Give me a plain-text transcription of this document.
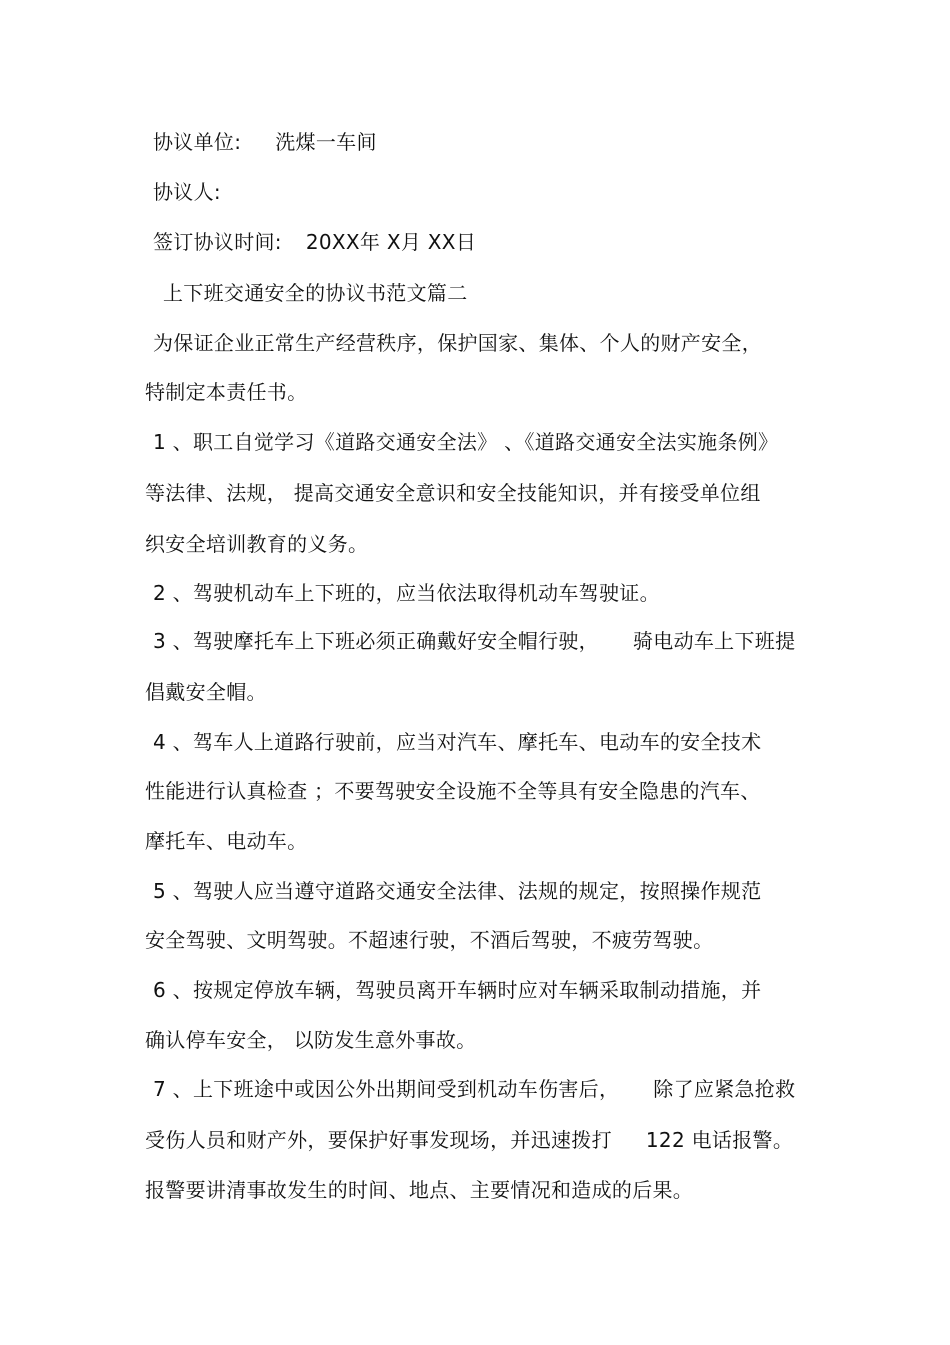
协议单位: 洗煤一车间
协议人:
签订协议时间: 20XX年 X月 XX日
上下班交通安全的协议书范文篇二
为保证企业正常生产经营秩序，保护国家、集体、个人的财产安全，
特制定本责任书。
1 、职工自觉学习《道路交通安全法》 、《道路交通安全法实施条例》
等法律、法规， 提高交通安全意识和安全技能知识，并有接受单位组
织安全培训教育的义务。
2 、驾驶机动车上下班的，应当依法取得机动车驾驶证。
3 、驾驶摩托车上下班必须正确戴好安全帽行驶， 骑电动车上下班提
倡戴安全帽。
4 、驾车人上道路行驶前，应当对汽车、摩托车、电动车的安全技术
性能进行认真检查 ；不要驾驶安全设施不全等具有安全隐患的汽车、
摩托车、电动车。
5 、驾驶人应当遵守道路交通安全法律、法规的规定，按照操作规范
安全驾驶、文明驾驶。不超速行驶，不酒后驾驶，不疲劳驾驶。
6 、按规定停放车辆，驾驶员离开车辆时应对车辆采取制动措施，并
确认停车安全， 以防发生意外事故。
7 、上下班途中或因公外出期间受到机动车伤害后， 除了应紧急抢救
受伤人员和财产外，要保护好事发现场，并迅速拨打 122 电话报警。
报警要讲清事故发生的时间、地点、主要情况和造成的后果。
